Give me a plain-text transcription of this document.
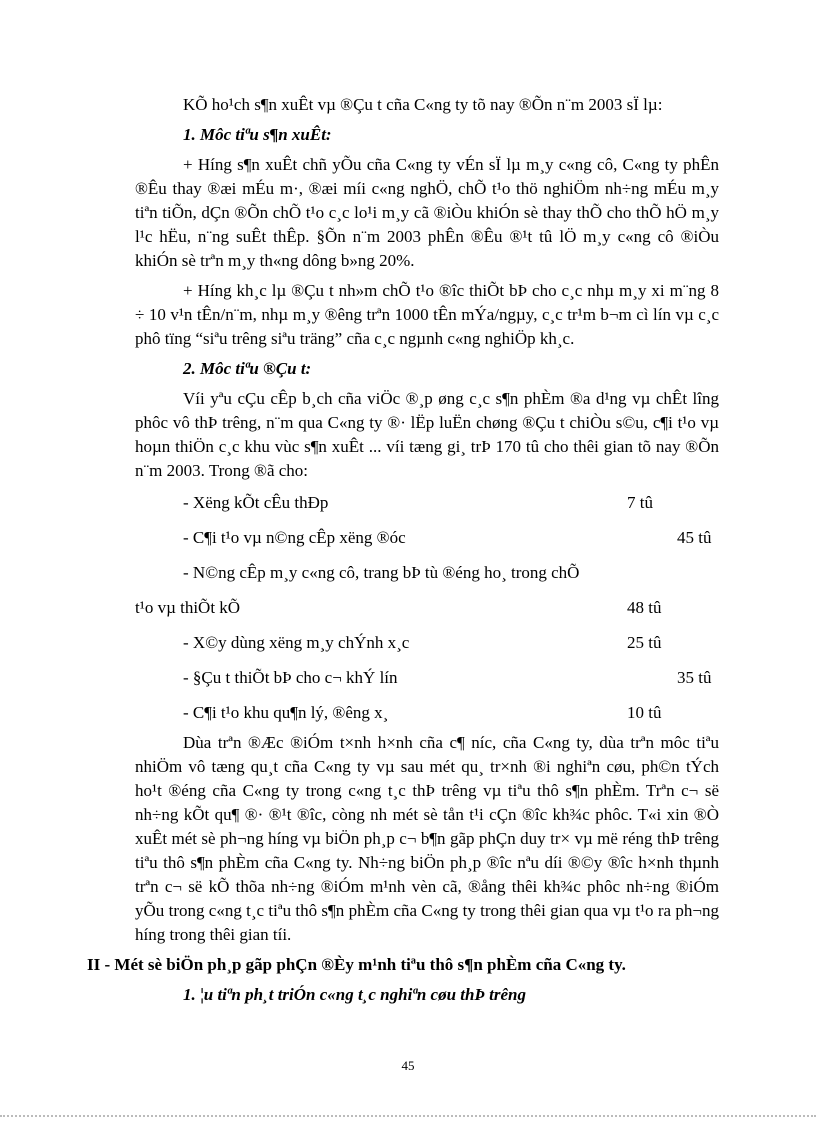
KÕ ho¹ch s¶n xuÊt vµ ®Çu t cña C«ng ty tõ nay ®Õn n¨m 2003 sÏ lµ:

1. Môc tiªu s¶n xuÊt:

+ Híng s¶n xuÊt chñ yÕu cña C«ng ty vÉn sÏ lµ m¸y c«ng cô, C«ng ty phÊn ®Êu thay ®æi mÉu m·, ®æi míi c«ng nghÖ, chÕ t¹o thö nghiÖm nh÷ng mÉu m¸y tiªn tiÕn, dÇn ®Õn chÕ t¹o c¸c lo¹i m¸y cã ®iÒu khiÓn sè thay thÕ cho thÕ hÖ m¸y l¹c hËu, n¨ng suÊt thÊp. §Õn n¨m 2003 phÊn ®Êu ®¹t tû lÖ m¸y c«ng cô ®iÒu khiÓn sè trªn m¸y th«ng dông b»ng 20%.

+ Híng kh¸c lµ ®Çu t nh»m chÕ t¹o ®îc thiÕt bÞ cho c¸c nhµ m¸y xi m¨ng 8 ÷ 10 v¹n tÊn/n¨m, nhµ m¸y ®êng trªn 1000 tÊn mÝa/ngµy, c¸c tr¹m b¬m cì lín vµ c¸c phô tïng “siªu trêng siªu träng” cña c¸c ngµnh c«ng nghiÖp kh¸c.

2. Môc tiªu ®Çu t:

Víi yªu cÇu cÊp b¸ch cña viÖc ®¸p øng c¸c s¶n phÈm ®a d¹ng vµ chÊt lîng phôc vô thÞ trêng, n¨m qua C«ng ty ®· lËp luËn chøng ®Çu t chiÒu s©u, c¶i t¹o vµ hoµn thiÖn c¸c khu vùc s¶n xuÊt ... víi tæng gi¸ trÞ 170 tû cho thêi gian tõ nay ®Õn n¨m 2003. Trong ®ã cho:

- Xëng kÕt cÊu thÐp	7 tû
- C¶i t¹o vµ n©ng cÊp xëng ®óc	45 tû
- N©ng cÊp m¸y c«ng cô, trang bÞ tù ®éng ho¸ trong chÕ
t¹o vµ thiÕt kÕ	48 tû
- X©y dùng xëng m¸y chÝnh x¸c	25 tû
- §Çu t thiÕt bÞ cho c¬ khÝ lín	35 tû
- C¶i t¹o khu qu¶n lý, ®êng x¸	10 tû

Dùa trªn ®Æc ®iÓm t×nh h×nh cña c¶ níc, cña C«ng ty, dùa trªn môc tiªu nhiÖm vô tæng qu¸t cña C«ng ty vµ sau mét qu¸ tr×nh ®i nghiªn cøu, ph©n tÝch ho¹t ®éng cña C«ng ty trong c«ng t¸c thÞ trêng vµ tiªu thô s¶n phÈm. Trªn c¬ së nh÷ng kÕt qu¶ ®· ®¹t ®îc, còng nh mét sè tån t¹i cÇn ®îc kh¾c phôc. T«i xin ®Ò xuÊt mét sè ph¬ng híng vµ biÖn ph¸p c¬ b¶n gãp phÇn duy tr× vµ më réng thÞ trêng tiªu thô s¶n phÈm cña C«ng ty. Nh÷ng biÖn ph¸p ®îc nªu díi ®©y ®îc h×nh thµnh trªn c¬ së kÕ thõa nh÷ng ®iÓm m¹nh vèn cã, ®ång thêi kh¾c phôc nh÷ng ®iÓm yÕu trong c«ng t¸c tiªu thô s¶n phÈm cña C«ng ty trong thêi gian qua vµ t¹o ra ph¬ng híng trong thêi gian tíi.

II - Mét sè biÖn ph¸p gãp phÇn ®Èy m¹nh tiªu thô s¶n phÈm cña C«ng ty.

1. ¦u tiªn ph¸t triÓn c«ng t¸c nghiªn cøu thÞ trêng

45
